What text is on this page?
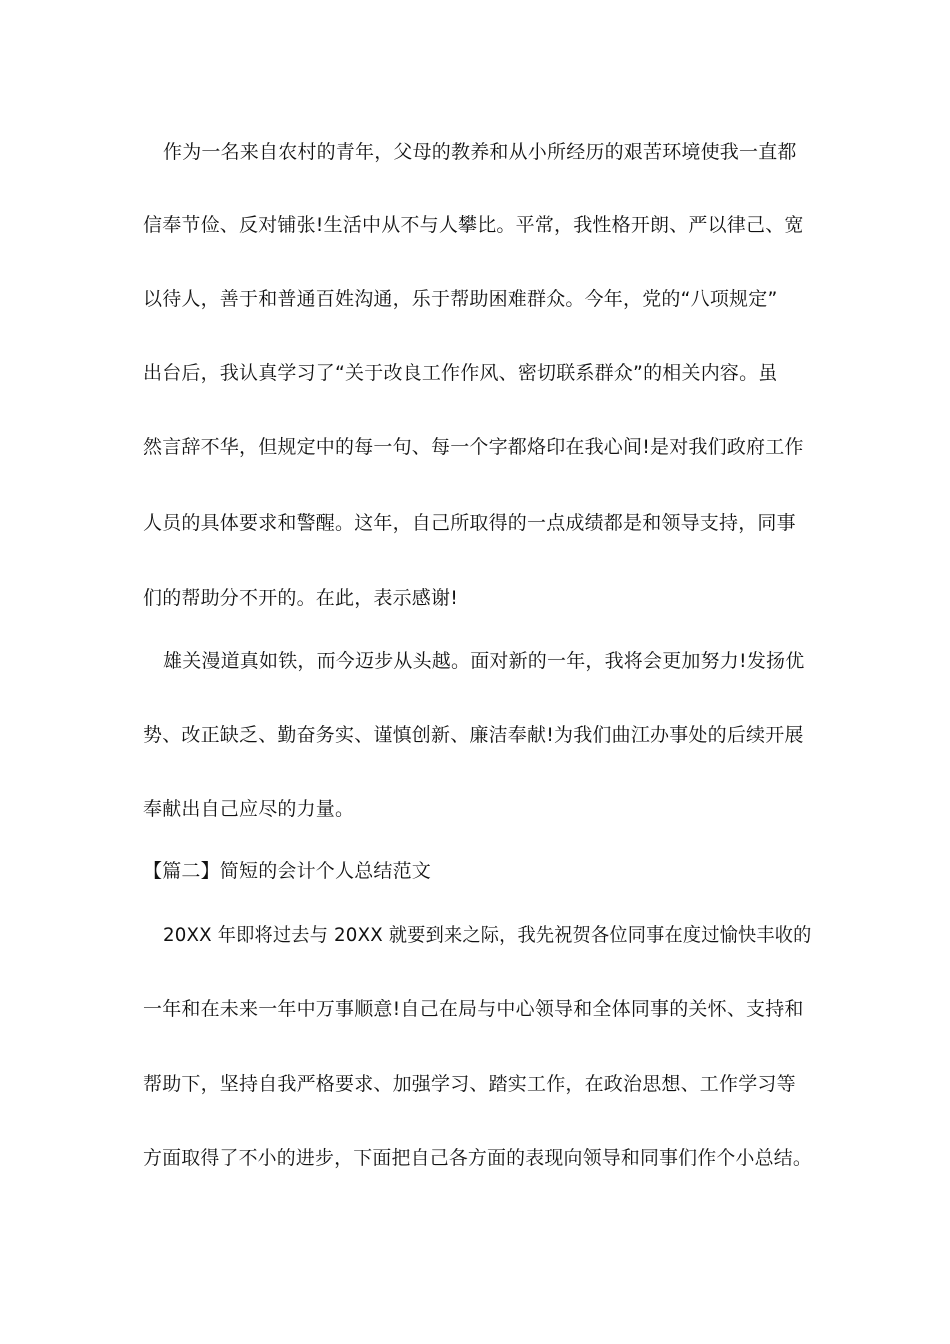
作为一名来自农村的青年，父母的教养和从小所经历的艰苦环境使我一直都
信奉节俭、反对铺张!生活中从不与人攀比。平常，我性格开朗、严以律己、宽
以待人，善于和普通百姓沟通，乐于帮助困难群众。今年，党的“八项规定”
出台后，我认真学习了“关于改良工作作风、密切联系群众”的相关内容。虽
然言辞不华，但规定中的每一句、每一个字都烙印在我心间!是对我们政府工作
人员的具体要求和警醒。这年，自己所取得的一点成绩都是和领导支持，同事
们的帮助分不开的。在此，表示感谢!
雄关漫道真如铁，而今迈步从头越。面对新的一年，我将会更加努力!发扬优
势、改正缺乏、勤奋务实、谨慎创新、廉洁奉献!为我们曲江办事处的后续开展
奉献出自己应尽的力量。
【篇二】简短的会计个人总结范文
20XX 年即将过去与 20XX 就要到来之际，我先祝贺各位同事在度过愉快丰收的
一年和在未来一年中万事顺意!自己在局与中心领导和全体同事的关怀、支持和
帮助下，坚持自我严格要求、加强学习、踏实工作，在政治思想、工作学习等
方面取得了不小的进步，下面把自己各方面的表现向领导和同事们作个小总结。
